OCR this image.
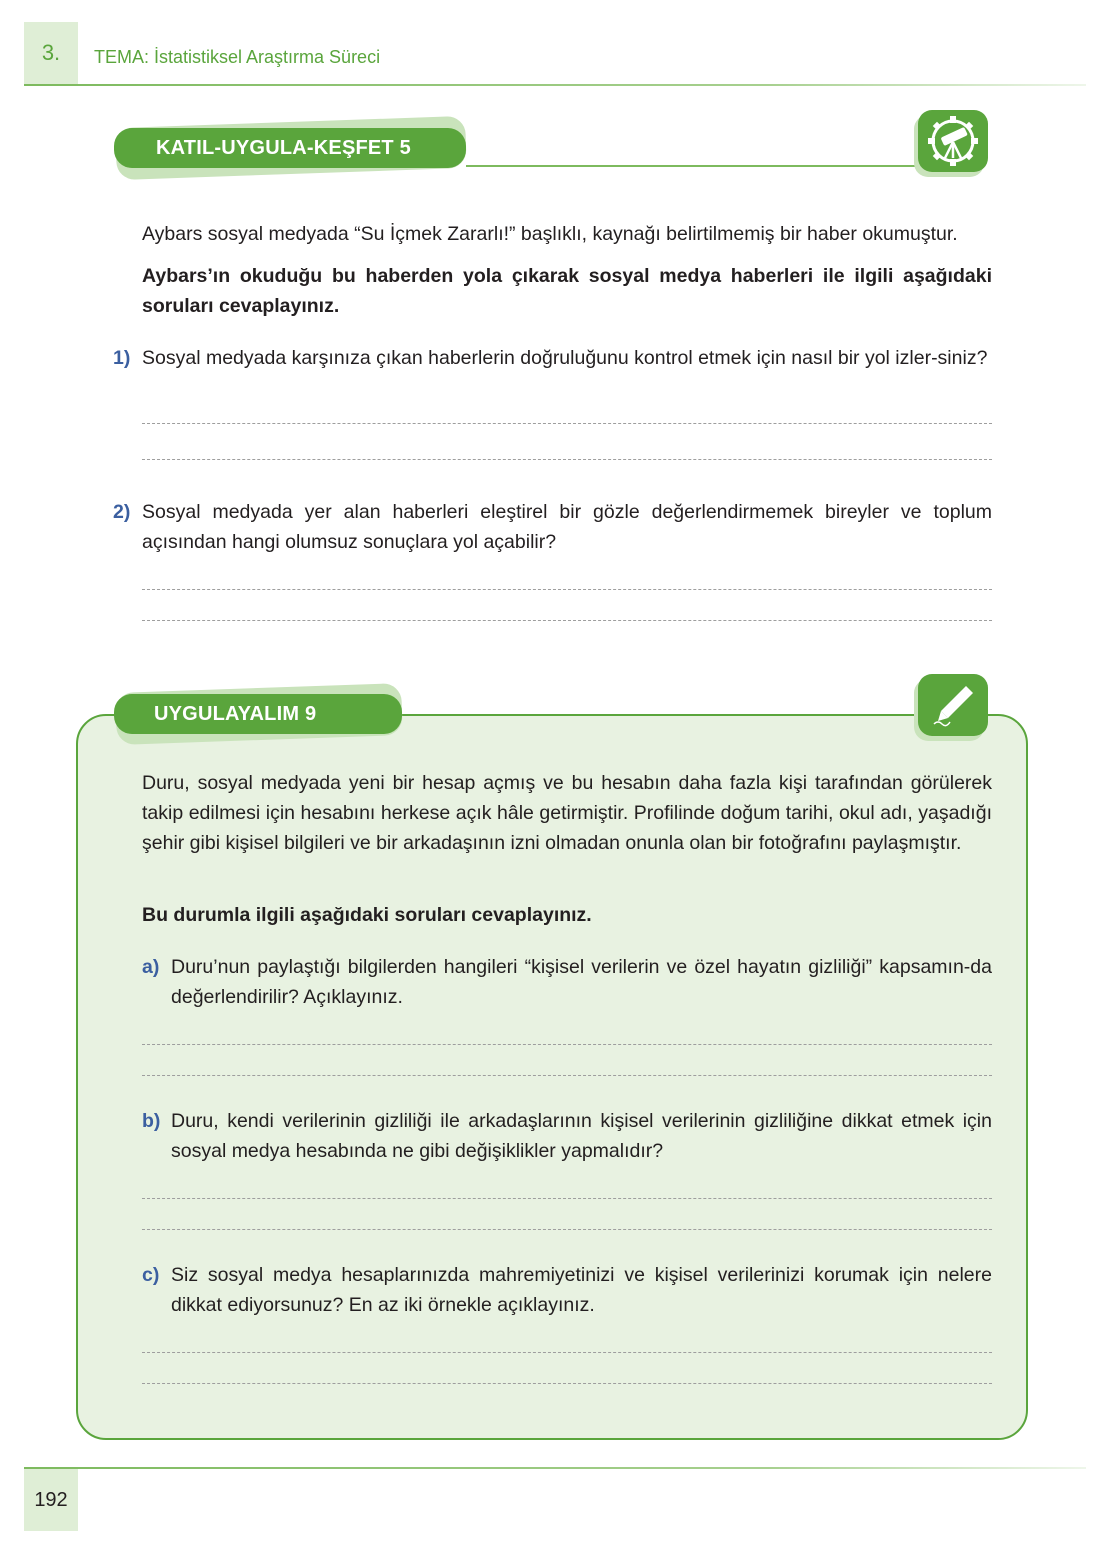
3.	TEMA: İstatistiksel Araştırma Süreci
KATIL-UYGULA-KEŞFET 5
Aybars sosyal medyada “Su İçmek Zararlı!” başlıklı, kaynağı belirtilmemiş bir haber okumuştur.
Aybars’ın okuduğu bu haberden yola çıkarak sosyal medya haberleri ile ilgili aşağıdaki soruları cevaplayınız.
1) Sosyal medyada karşınıza çıkan haberlerin doğruluğunu kontrol etmek için nasıl bir yol izler-siniz?
2) Sosyal medyada yer alan haberleri eleştirel bir gözle değerlendirmemek bireyler ve toplum açısından hangi olumsuz sonuçlara yol açabilir?
UYGULAYALIM 9
Duru, sosyal medyada yeni bir hesap açmış ve bu hesabın daha fazla kişi tarafından görülerek takip edilmesi için hesabını herkese açık hâle getirmiştir. Profilinde doğum tarihi, okul adı, yaşadığı şehir gibi kişisel bilgileri ve bir arkadaşının izni olmadan onunla olan bir fotoğrafını paylaşmıştır.
Bu durumla ilgili aşağıdaki soruları cevaplayınız.
a) Duru’nun paylaştığı bilgilerden hangileri “kişisel verilerin ve özel hayatın gizliliği” kapsamın-da değerlendirilir? Açıklayınız.
b) Duru, kendi verilerinin gizliliği ile arkadaşlarının kişisel verilerinin gizliliğine dikkat etmek için sosyal medya hesabında ne gibi değişiklikler yapmalıdır?
c) Siz sosyal medya hesaplarınızda mahremiyetinizi ve kişisel verilerinizi korumak için nelere dikkat ediyorsunuz? En az iki örnekle açıklayınız.
192
